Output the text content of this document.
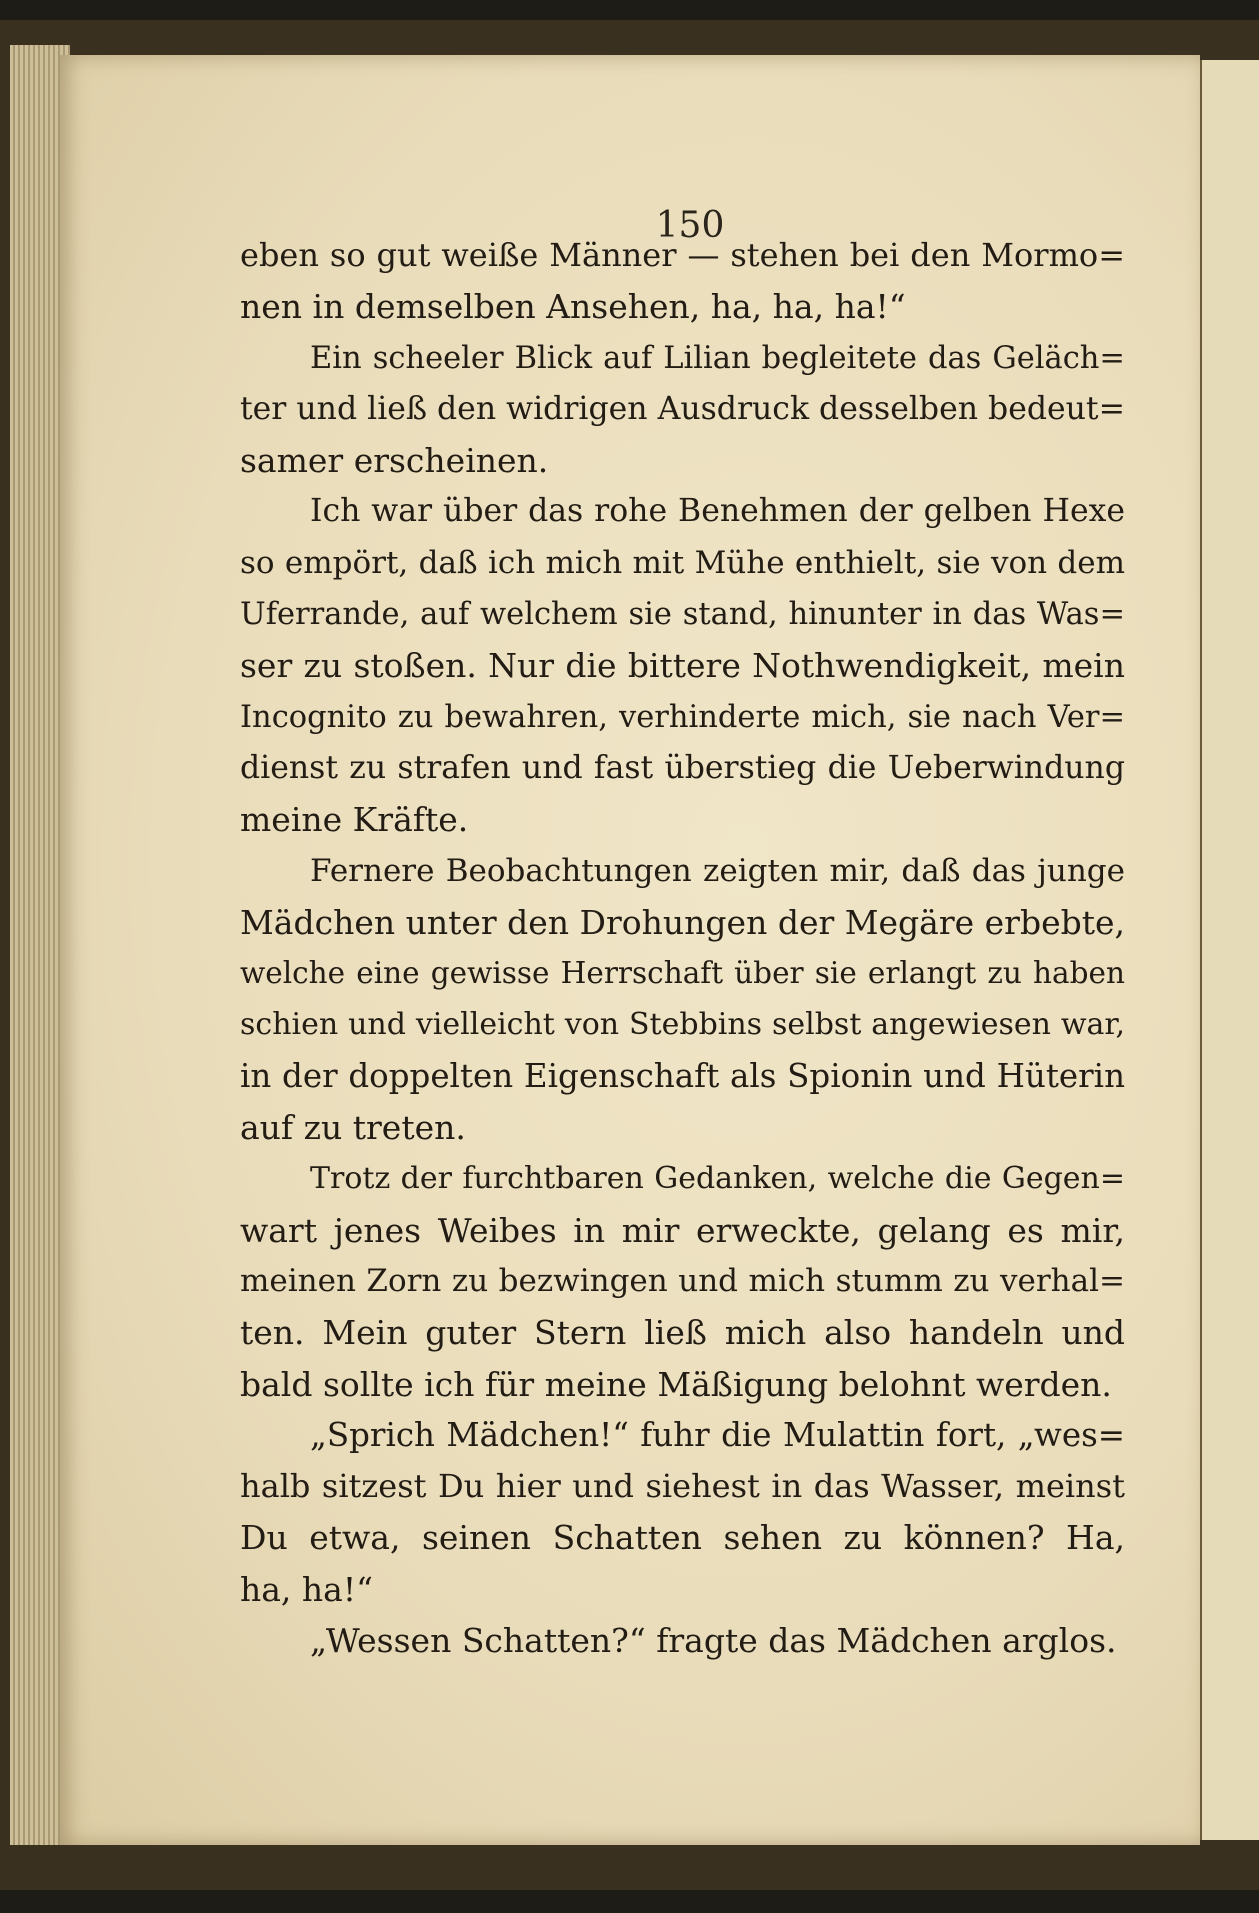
150
eben so gut weiße Männer — stehen bei den Mormo=
nen in demselben Ansehen, ha, ha, ha!“
Ein scheeler Blick auf Lilian begleitete das Geläch=
ter und ließ den widrigen Ausdruck desselben bedeut=
samer erscheinen.
Ich war über das rohe Benehmen der gelben Hexe
so empört, daß ich mich mit Mühe enthielt, sie von dem
Uferrande, auf welchem sie stand, hinunter in das Was=
ser zu stoßen. Nur die bittere Nothwendigkeit, mein
Incognito zu bewahren, verhinderte mich, sie nach Ver=
dienst zu strafen und fast überstieg die Ueberwindung
meine Kräfte.
Fernere Beobachtungen zeigten mir, daß das junge
Mädchen unter den Drohungen der Megäre erbebte,
welche eine gewisse Herrschaft über sie erlangt zu haben
schien und vielleicht von Stebbins selbst angewiesen war,
in der doppelten Eigenschaft als Spionin und Hüterin
auf zu treten.
Trotz der furchtbaren Gedanken, welche die Gegen=
wart jenes Weibes in mir erweckte, gelang es mir,
meinen Zorn zu bezwingen und mich stumm zu verhal=
ten. Mein guter Stern ließ mich also handeln und
bald sollte ich für meine Mäßigung belohnt werden.
„Sprich Mädchen!“ fuhr die Mulattin fort, „wes=
halb sitzest Du hier und siehest in das Wasser, meinst
Du etwa, seinen Schatten sehen zu können? Ha,
ha, ha!“
„Wessen Schatten?“ fragte das Mädchen arglos.
